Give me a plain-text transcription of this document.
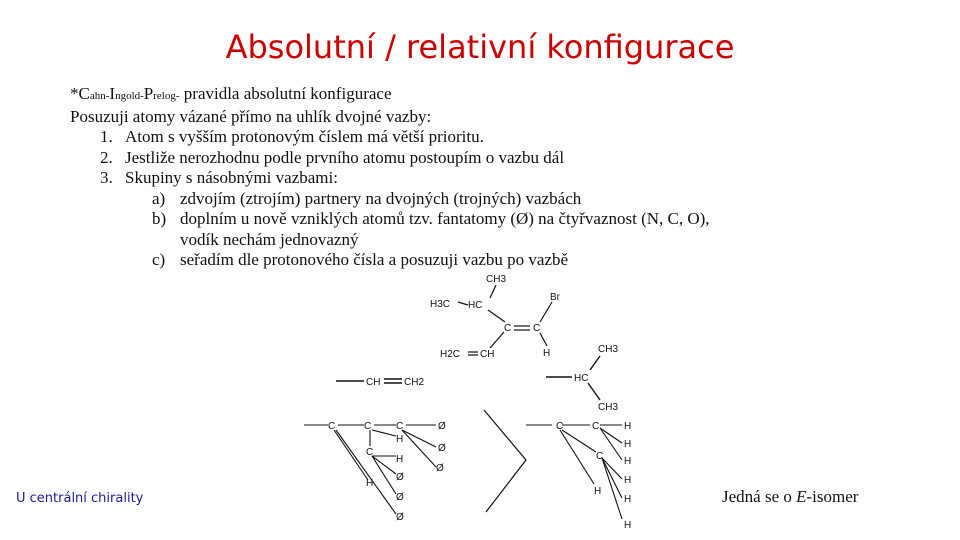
Absolutní / relativní konfigurace
*Cahn-Ingold-Prelog- pravidla absolutní konfigurace
Posuzuji atomy vázané přímo na uhlík dvojné vazby:
1. Atom s vyšším protonovým číslem má větší prioritu.
2. Jestliže nerozhodnu podle prvního atomu postoupím o vazbu dál
3. Skupiny s násobnými vazbami:
a) zdvojím (ztrojím) partnery na dvojných (trojných) vazbách
b) doplním u nově vzniklých atomů tzv. fantatomy (Ø) na čtyřvaznost (N, C, O),
vodík nechám jednovazný
c) seřadím dle protonového čísla a posuzuji vazbu po vazbě
CH3
H3C HC
C C
Br
H2C CH	H
CH CH2
CH3
HC
CH3
C	C C
H
Ø
Ø
Ø
C
H
Ø
Ø
Ø
H
C	C H
H
H
C
H
H
H
H
U centrální chirality	Jedná se o E-isomer
